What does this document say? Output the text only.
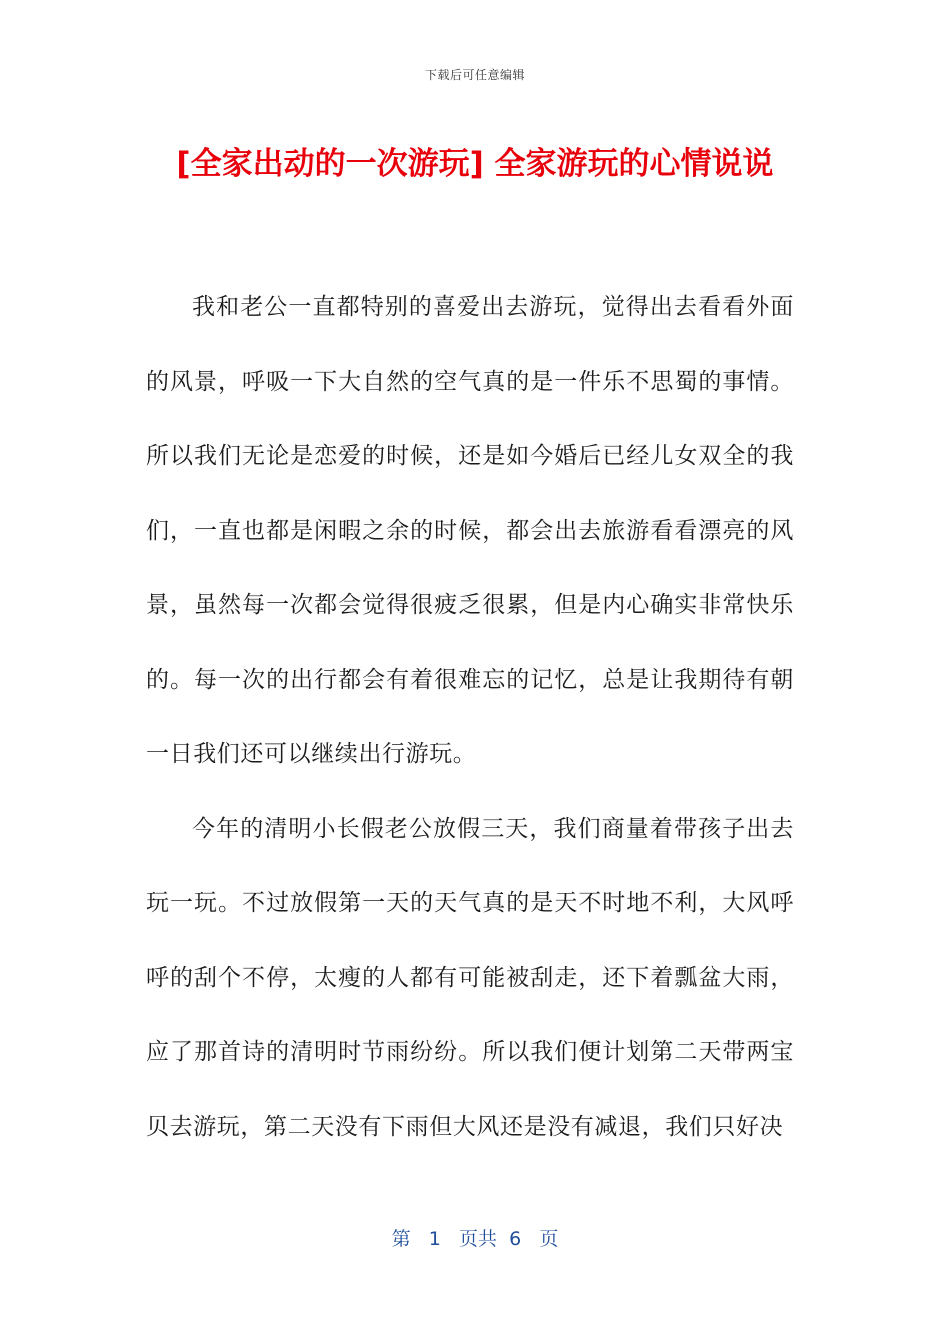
下载后可任意编辑
[全家出动的一次游玩] 全家游玩的心情说说

我和老公一直都特别的喜爱出去游玩，觉得出去看看外面的风景，呼吸一下大自然的空气真的是一件乐不思蜀的事情。所以我们无论是恋爱的时候，还是如今婚后已经儿女双全的我们，一直也都是闲暇之余的时候，都会出去旅游看看漂亮的风景，虽然每一次都会觉得很疲乏很累，但是内心确实非常快乐的。每一次的出行都会有着很难忘的记忆，总是让我期待有朝一日我们还可以继续出行游玩。

今年的清明小长假老公放假三天，我们商量着带孩子出去玩一玩。不过放假第一天的天气真的是天不时地不利，大风呼呼的刮个不停，太瘦的人都有可能被刮走，还下着瓢盆大雨，应了那首诗的清明时节雨纷纷。所以我们便计划第二天带两宝贝去游玩，第二天没有下雨但大风还是没有减退，我们只好决

第 1 页共 6 页
